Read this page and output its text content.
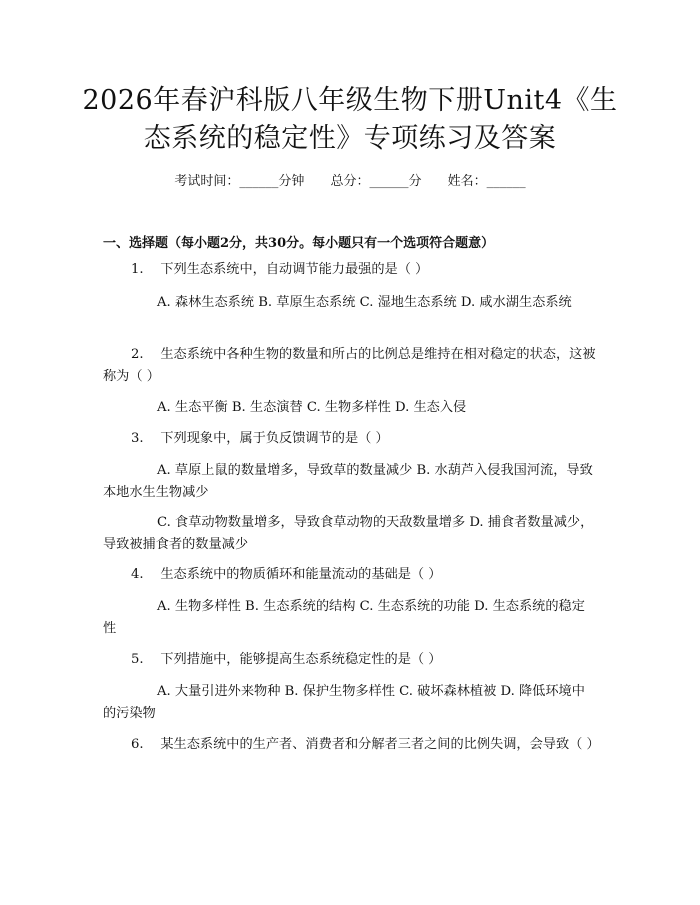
2026年春沪科版八年级生物下册Unit4《生
态系统的稳定性》专项练习及答案
考试时间：______分钟 总分：______分 姓名：______
一、选择题（每小题2分，共30分。每小题只有一个选项符合题意）
1.    下列生态系统中，自动调节能力最强的是（ ）
A. 森林生态系统 B. 草原生态系统 C. 湿地生态系统 D. 咸水湖生态系统
2.    生态系统中各种生物的数量和所占的比例总是维持在相对稳定的状态，这被称为（ ）
A. 生态平衡 B. 生态演替 C. 生物多样性 D. 生态入侵
3.    下列现象中，属于负反馈调节的是（ ）
A. 草原上鼠的数量增多，导致草的数量减少 B. 水葫芦入侵我国河流，导致本地水生生物减少
C. 食草动物数量增多，导致食草动物的天敌数量增多 D. 捕食者数量减少，导致被捕食者的数量减少
4.    生态系统中的物质循环和能量流动的基础是（ ）
A. 生物多样性 B. 生态系统的结构 C. 生态系统的功能 D. 生态系统的稳定性
5.    下列措施中，能够提高生态系统稳定性的是（ ）
A. 大量引进外来物种 B. 保护生物多样性 C. 破坏森林植被 D. 降低环境中的污染物
6.    某生态系统中的生产者、消费者和分解者三者之间的比例失调，会导致（ ）
